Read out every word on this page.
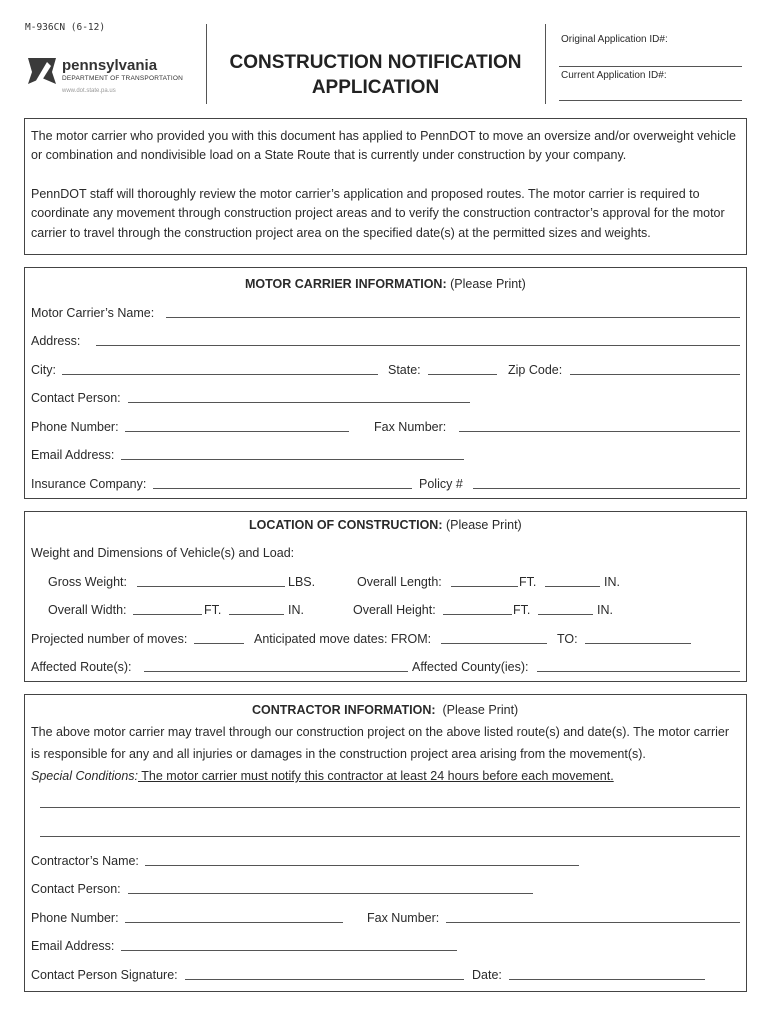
M-936CN (6-12)
pennsylvania
DEPARTMENT OF TRANSPORTATION
www.dot.state.pa.us
CONSTRUCTION NOTIFICATION
APPLICATION
Original Application ID#:
Current Application ID#:
The motor carrier who provided you with this document has applied to PennDOT to move an oversize and/or overweight vehicle
or combination and nondivisible load on a State Route that is currently under construction by your company.
PennDOT staff will thoroughly review the motor carrier’s application and proposed routes. The motor carrier is required to
coordinate any movement through construction project areas and to verify the construction contractor’s approval for the motor
carrier to travel through the construction project area on the specified date(s) at the permitted sizes and weights.
MOTOR CARRIER INFORMATION: (Please Print)
Motor Carrier’s Name:
Address:
City:	State:	Zip Code:
Contact Person:
Phone Number:	Fax Number:
Email Address:
Insurance Company:	Policy #
LOCATION OF CONSTRUCTION: (Please Print)
Weight and Dimensions of Vehicle(s) and Load:
Gross Weight:	LBS.	Overall Length:	FT.	IN.
Overall Width:	FT.	IN.	Overall Height:	FT.	IN.
Projected number of moves:	Anticipated move dates: FROM:	TO:
Affected Route(s):	Affected County(ies):
CONTRACTOR INFORMATION: (Please Print)
The above motor carrier may travel through our construction project on the above listed route(s) and date(s). The motor carrier
is responsible for any and all injuries or damages in the construction project area arising from the movement(s).
Special Conditions: The motor carrier must notify this contractor at least 24 hours before each movement.
Contractor’s Name:
Contact Person:
Phone Number:	Fax Number:
Email Address:
Contact Person Signature:	Date:
